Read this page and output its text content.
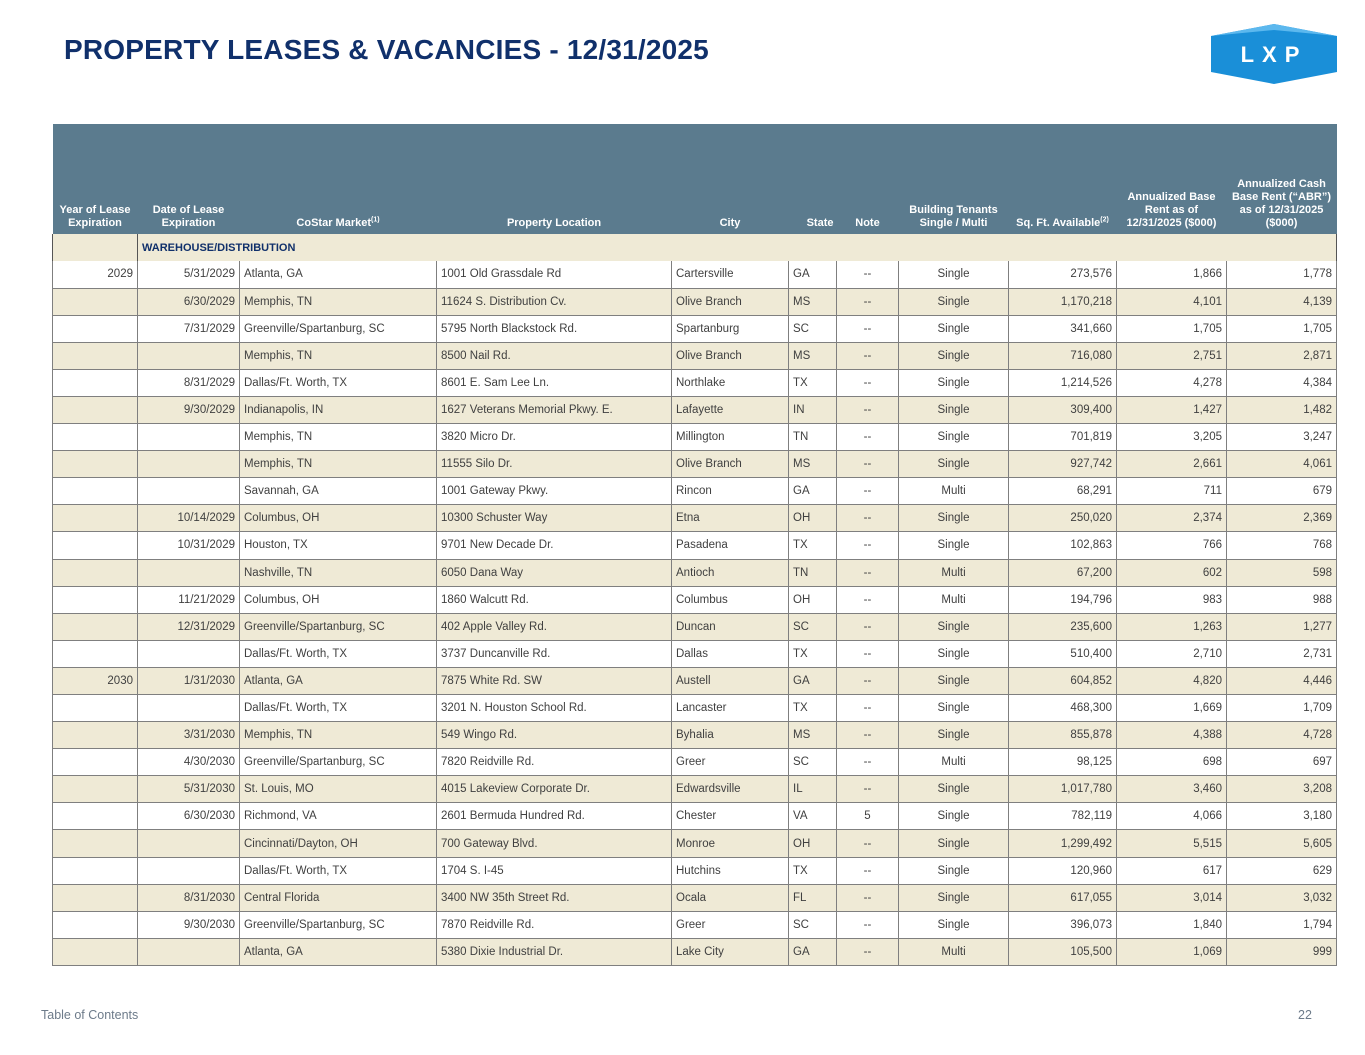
PROPERTY LEASES & VACANCIES - 12/31/2025	LXP
Year of Lease Expiration	Date of Lease Expiration	CoStar Market$^{(1)}$	Property Location	City	State	Note	Building Tenants Single / Multi	Sq. Ft. Available$^{(2)}$	Annualized Base Rent as of 12/31/2025 ($000)	Annualized Cash Base Rent (“ABR”) as of 12/31/2025 ($000)
	WAREHOUSE/DISTRIBUTION									
2029	5/31/2029	Atlanta, GA	1001 Old Grassdale Rd	Cartersville	GA	--	Single	273,576	1,866	1,778
	6/30/2029	Memphis, TN	11624 S. Distribution Cv.	Olive Branch	MS	--	Single	1,170,218	4,101	4,139
	7/31/2029	Greenville/Spartanburg, SC	5795 North Blackstock Rd.	Spartanburg	SC	--	Single	341,660	1,705	1,705
		Memphis, TN	8500 Nail Rd.	Olive Branch	MS	--	Single	716,080	2,751	2,871
	8/31/2029	Dallas/Ft. Worth, TX	8601 E. Sam Lee Ln.	Northlake	TX	--	Single	1,214,526	4,278	4,384
	9/30/2029	Indianapolis, IN	1627 Veterans Memorial Pkwy. E.	Lafayette	IN	--	Single	309,400	1,427	1,482
		Memphis, TN	3820 Micro Dr.	Millington	TN	--	Single	701,819	3,205	3,247
		Memphis, TN	11555 Silo Dr.	Olive Branch	MS	--	Single	927,742	2,661	4,061
		Savannah, GA	1001 Gateway Pkwy.	Rincon	GA	--	Multi	68,291	711	679
	10/14/2029	Columbus, OH	10300 Schuster Way	Etna	OH	--	Single	250,020	2,374	2,369
	10/31/2029	Houston, TX	9701 New Decade Dr.	Pasadena	TX	--	Single	102,863	766	768
		Nashville, TN	6050 Dana Way	Antioch	TN	--	Multi	67,200	602	598
	11/21/2029	Columbus, OH	1860 Walcutt Rd.	Columbus	OH	--	Multi	194,796	983	988
	12/31/2029	Greenville/Spartanburg, SC	402 Apple Valley Rd.	Duncan	SC	--	Single	235,600	1,263	1,277
		Dallas/Ft. Worth, TX	3737 Duncanville Rd.	Dallas	TX	--	Single	510,400	2,710	2,731
2030	1/31/2030	Atlanta, GA	7875 White Rd. SW	Austell	GA	--	Single	604,852	4,820	4,446
		Dallas/Ft. Worth, TX	3201 N. Houston School Rd.	Lancaster	TX	--	Single	468,300	1,669	1,709
	3/31/2030	Memphis, TN	549 Wingo Rd.	Byhalia	MS	--	Single	855,878	4,388	4,728
	4/30/2030	Greenville/Spartanburg, SC	7820 Reidville Rd.	Greer	SC	--	Multi	98,125	698	697
	5/31/2030	St. Louis, MO	4015 Lakeview Corporate Dr.	Edwardsville	IL	--	Single	1,017,780	3,460	3,208
	6/30/2030	Richmond, VA	2601 Bermuda Hundred Rd.	Chester	VA	5	Single	782,119	4,066	3,180
		Cincinnati/Dayton, OH	700 Gateway Blvd.	Monroe	OH	--	Single	1,299,492	5,515	5,605
		Dallas/Ft. Worth, TX	1704 S. I-45	Hutchins	TX	--	Single	120,960	617	629
	8/31/2030	Central Florida	3400 NW 35th Street Rd.	Ocala	FL	--	Single	617,055	3,014	3,032
	9/30/2030	Greenville/Spartanburg, SC	7870 Reidville Rd.	Greer	SC	--	Single	396,073	1,840	1,794
		Atlanta, GA	5380 Dixie Industrial Dr.	Lake City	GA	--	Multi	105,500	1,069	999
Table of Contents	22
